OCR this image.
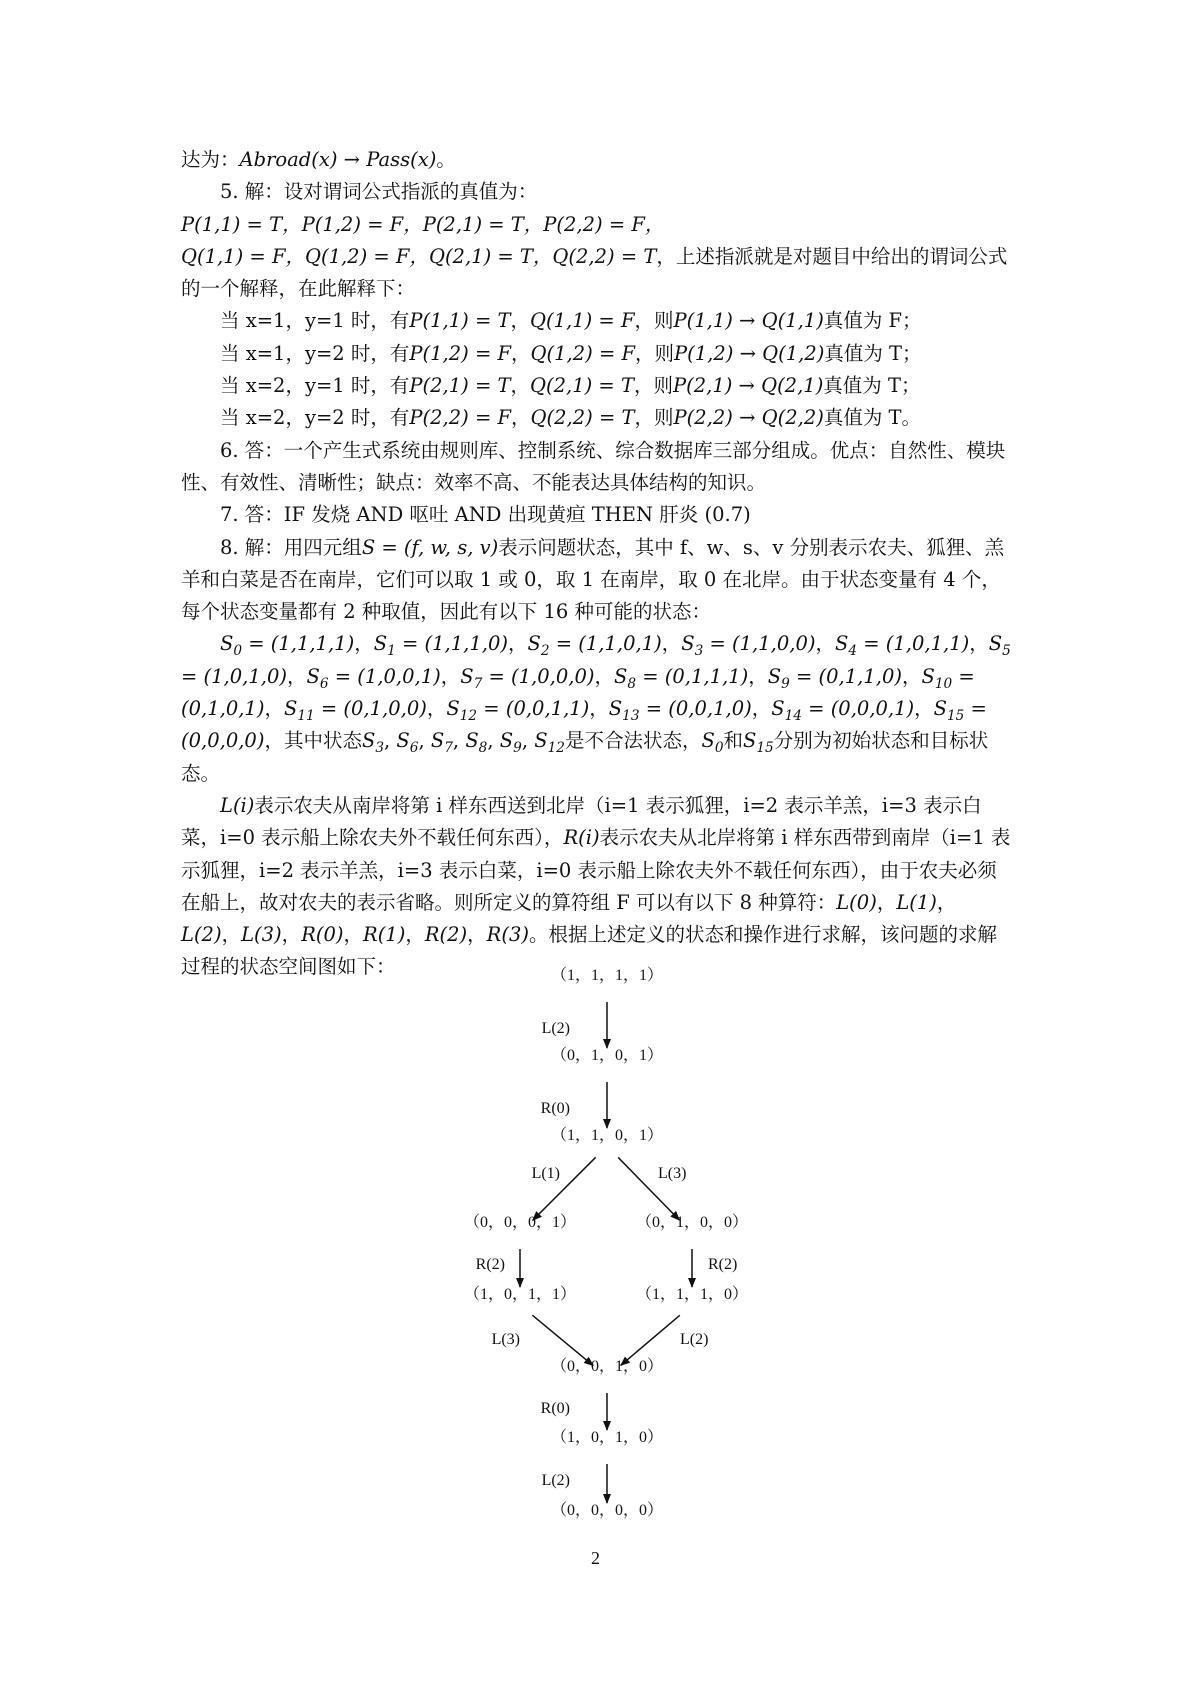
达为：Abroad(x) → Pass(x)。

5. 解：设对谓词公式指派的真值为：P(1,1) = T，P(1,2) = F，P(2,1) = T，P(2,2) = F，Q(1,1) = F，Q(1,2) = F，Q(2,1) = T，Q(2,2) = T，上述指派就是对题目中给出的谓词公式的一个解释，在此解释下：

当 x=1，y=1 时，有P(1,1) = T，Q(1,1) = F，则P(1,1) → Q(1,1)真值为 F；

当 x=1，y=2 时，有P(1,2) = F，Q(1,2) = F，则P(1,2) → Q(1,2)真值为 T；

当 x=2，y=1 时，有P(2,1) = T，Q(2,1) = T，则P(2,1) → Q(2,1)真值为 T；

当 x=2，y=2 时，有P(2,2) = F，Q(2,2) = T，则P(2,2) → Q(2,2)真值为 T。

6. 答：一个产生式系统由规则库、控制系统、综合数据库三部分组成。优点：自然性、模块性、有效性、清晰性；缺点：效率不高、不能表达具体结构的知识。

7. 答：IF 发烧 AND 呕吐 AND 出现黄疸 THEN 肝炎 (0.7)

8. 解：用四元组S = (f, w, s, v)表示问题状态，其中 f、w、s、v 分别表示农夫、狐狸、羔羊和白菜是否在南岸，它们可以取 1 或 0，取 1 在南岸，取 0 在北岸。由于状态变量有 4 个，每个状态变量都有 2 种取值，因此有以下 16 种可能的状态：

$S_0 = (1,1,1,1)$，$S_1 = (1,1,1,0)$，$S_2 = (1,1,0,1)$，$S_3 = (1,1,0,0)$，$S_4 = (1,0,1,1)$，$S_5 = (1,0,1,0)$，$S_6 = (1,0,0,1)$，$S_7 = (1,0,0,0)$，$S_8 = (0,1,1,1)$，$S_9 = (0,1,1,0)$，$S_{10} = (0,1,0,1)$，$S_{11} = (0,1,0,0)$，$S_{12} = (0,0,1,1)$，$S_{13} = (0,0,1,0)$，$S_{14} = (0,0,0,1)$，$S_{15} = (0,0,0,0)$，其中状态$S_3$, $S_6$, $S_7$, $S_8$, $S_9$, $S_{12}$是不合法状态，$S_0$和$S_{15}$分别为初始状态和目标状态。

L(i)表示农夫从南岸将第 i 样东西送到北岸（i=1 表示狐狸，i=2 表示羊羔，i=3 表示白菜，i=0 表示船上除农夫外不载任何东西），R(i)表示农夫从北岸将第 i 样东西带到南岸（i=1 表示狐狸，i=2 表示羊羔，i=3 表示白菜，i=0 表示船上除农夫外不载任何东西），由于农夫必须在船上，故对农夫的表示省略。则所定义的算符组 F 可以有以下 8 种算符：L(0)，L(1)，L(2)，L(3)，R(0)，R(1)，R(2)，R(3)。根据上述定义的状态和操作进行求解，该问题的求解过程的状态空间图如下：

L(2)
R(0)
L(1)	L(3)
R(2)	R(2)
L(3)	L(2)
R(0)
L(2)
（1，1，1，1）
（0，1，0，1）
（1，1，0，1）
（0，0，0，1）	（0，1，0，0）
（1，0，1，1）	（1，1，1，0）
（0，0，1，0）
（1，0，1，0）
（0，0，0，0）
2
